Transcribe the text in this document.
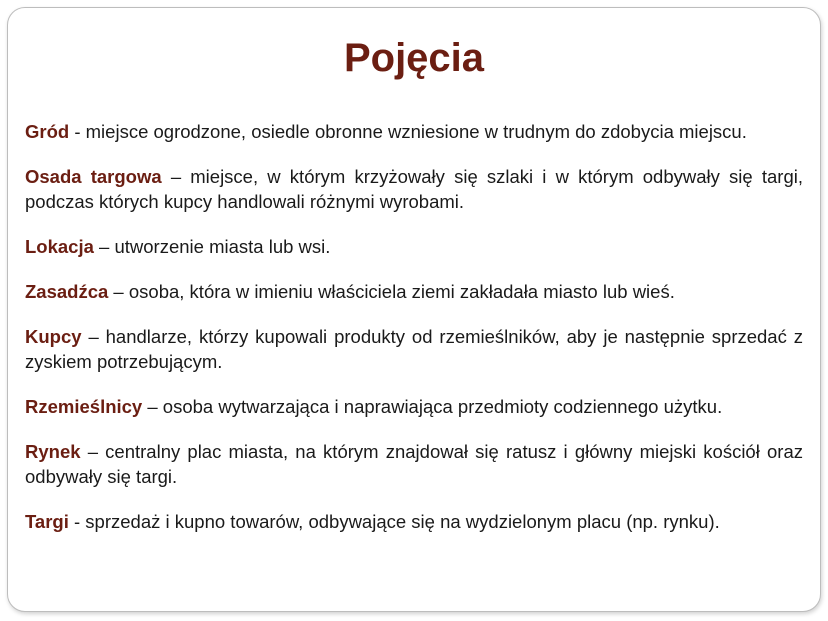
Pojęcia
Gród - miejsce ogrodzone, osiedle obronne wzniesione w trudnym do zdobycia miejscu.
Osada targowa – miejsce, w którym krzyżowały się szlaki i w którym odbywały się targi, podczas których kupcy handlowali różnymi wyrobami.
Lokacja – utworzenie miasta lub wsi.
Zasadźca – osoba, która w imieniu właściciela ziemi zakładała miasto lub wieś.
Kupcy – handlarze, którzy kupowali produkty od rzemieślników, aby je następnie sprzedać z zyskiem potrzebującym.
Rzemieślnicy – osoba wytwarzająca i naprawiająca przedmioty codziennego użytku.
Rynek – centralny plac miasta, na którym znajdował się ratusz i główny miejski kościół oraz odbywały się targi.
Targi - sprzedaż i kupno towarów, odbywające się na wydzielonym placu (np. rynku).
